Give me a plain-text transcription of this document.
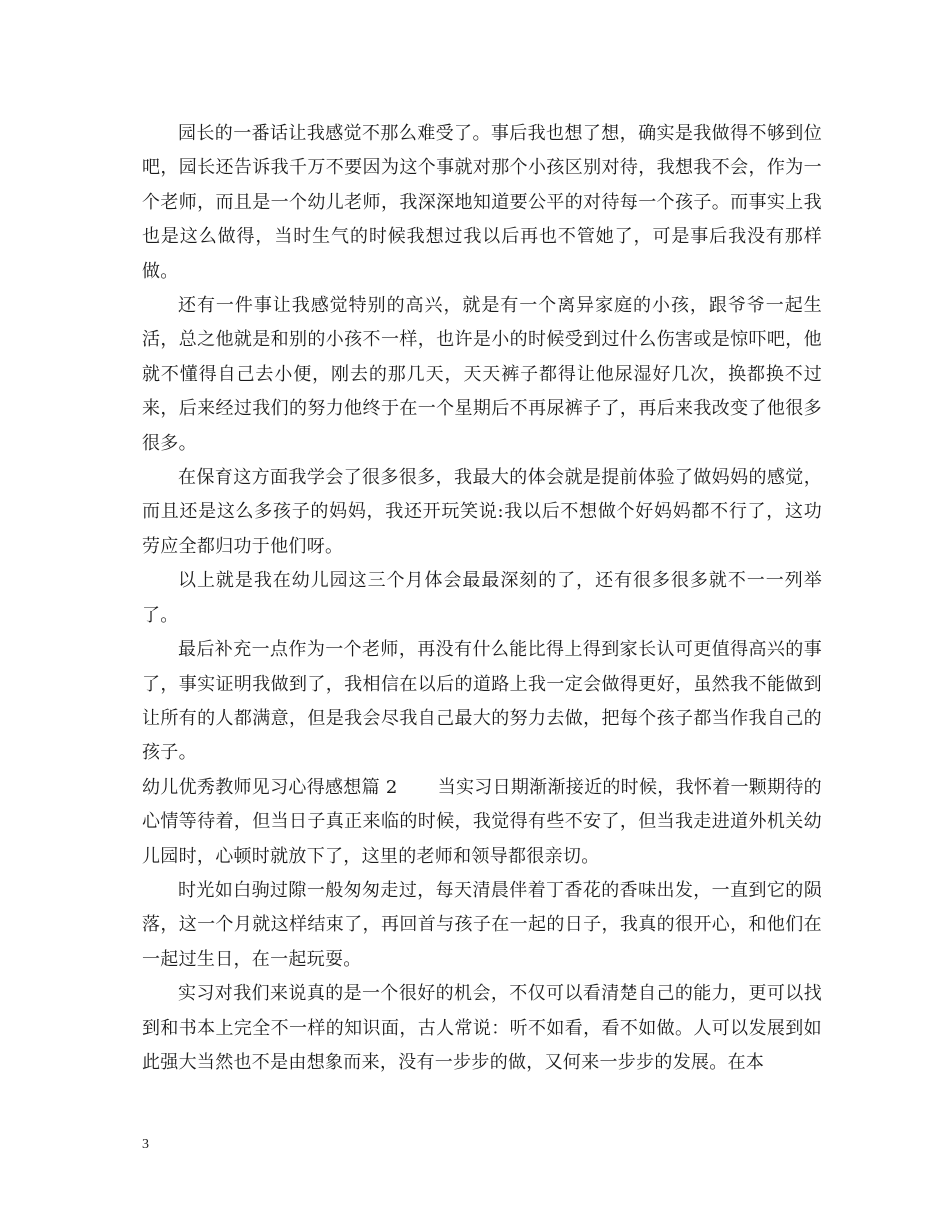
园长的一番话让我感觉不那么难受了。事后我也想了想，确实是我做得不够到位吧，园长还告诉我千万不要因为这个事就对那个小孩区别对待，我想我不会，作为一个老师，而且是一个幼儿老师，我深深地知道要公平的对待每一个孩子。而事实上我也是这么做得，当时生气的时候我想过我以后再也不管她了，可是事后我没有那样做。

还有一件事让我感觉特别的高兴，就是有一个离异家庭的小孩，跟爷爷一起生活，总之他就是和别的小孩不一样，也许是小的时候受到过什么伤害或是惊吓吧，他就不懂得自己去小便，刚去的那几天，天天裤子都得让他尿湿好几次，换都换不过来，后来经过我们的努力他终于在一个星期后不再尿裤子了，再后来我改变了他很多很多。

在保育这方面我学会了很多很多，我最大的体会就是提前体验了做妈妈的感觉，而且还是这么多孩子的妈妈，我还开玩笑说:我以后不想做个好妈妈都不行了，这功劳应全都归功于他们呀。

以上就是我在幼儿园这三个月体会最最深刻的了，还有很多很多就不一一列举了。

最后补充一点作为一个老师，再没有什么能比得上得到家长认可更值得高兴的事了，事实证明我做到了，我相信在以后的道路上我一定会做得更好，虽然我不能做到让所有的人都满意，但是我会尽我自己最大的努力去做，把每个孩子都当作我自己的孩子。

幼儿优秀教师见习心得感想篇 2 当实习日期渐渐接近的时候，我怀着一颗期待的心情等待着，但当日子真正来临的时候，我觉得有些不安了，但当我走进道外机关幼儿园时，心顿时就放下了，这里的老师和领导都很亲切。

时光如白驹过隙一般匆匆走过，每天清晨伴着丁香花的香味出发，一直到它的陨落，这一个月就这样结束了，再回首与孩子在一起的日子，我真的很开心，和他们在一起过生日，在一起玩耍。

实习对我们来说真的是一个很好的机会，不仅可以看清楚自己的能力，更可以找到和书本上完全不一样的知识面，古人常说：听不如看，看不如做。人可以发展到如此强大当然也不是由想象而来，没有一步步的做，又何来一步步的发展。在本

3
